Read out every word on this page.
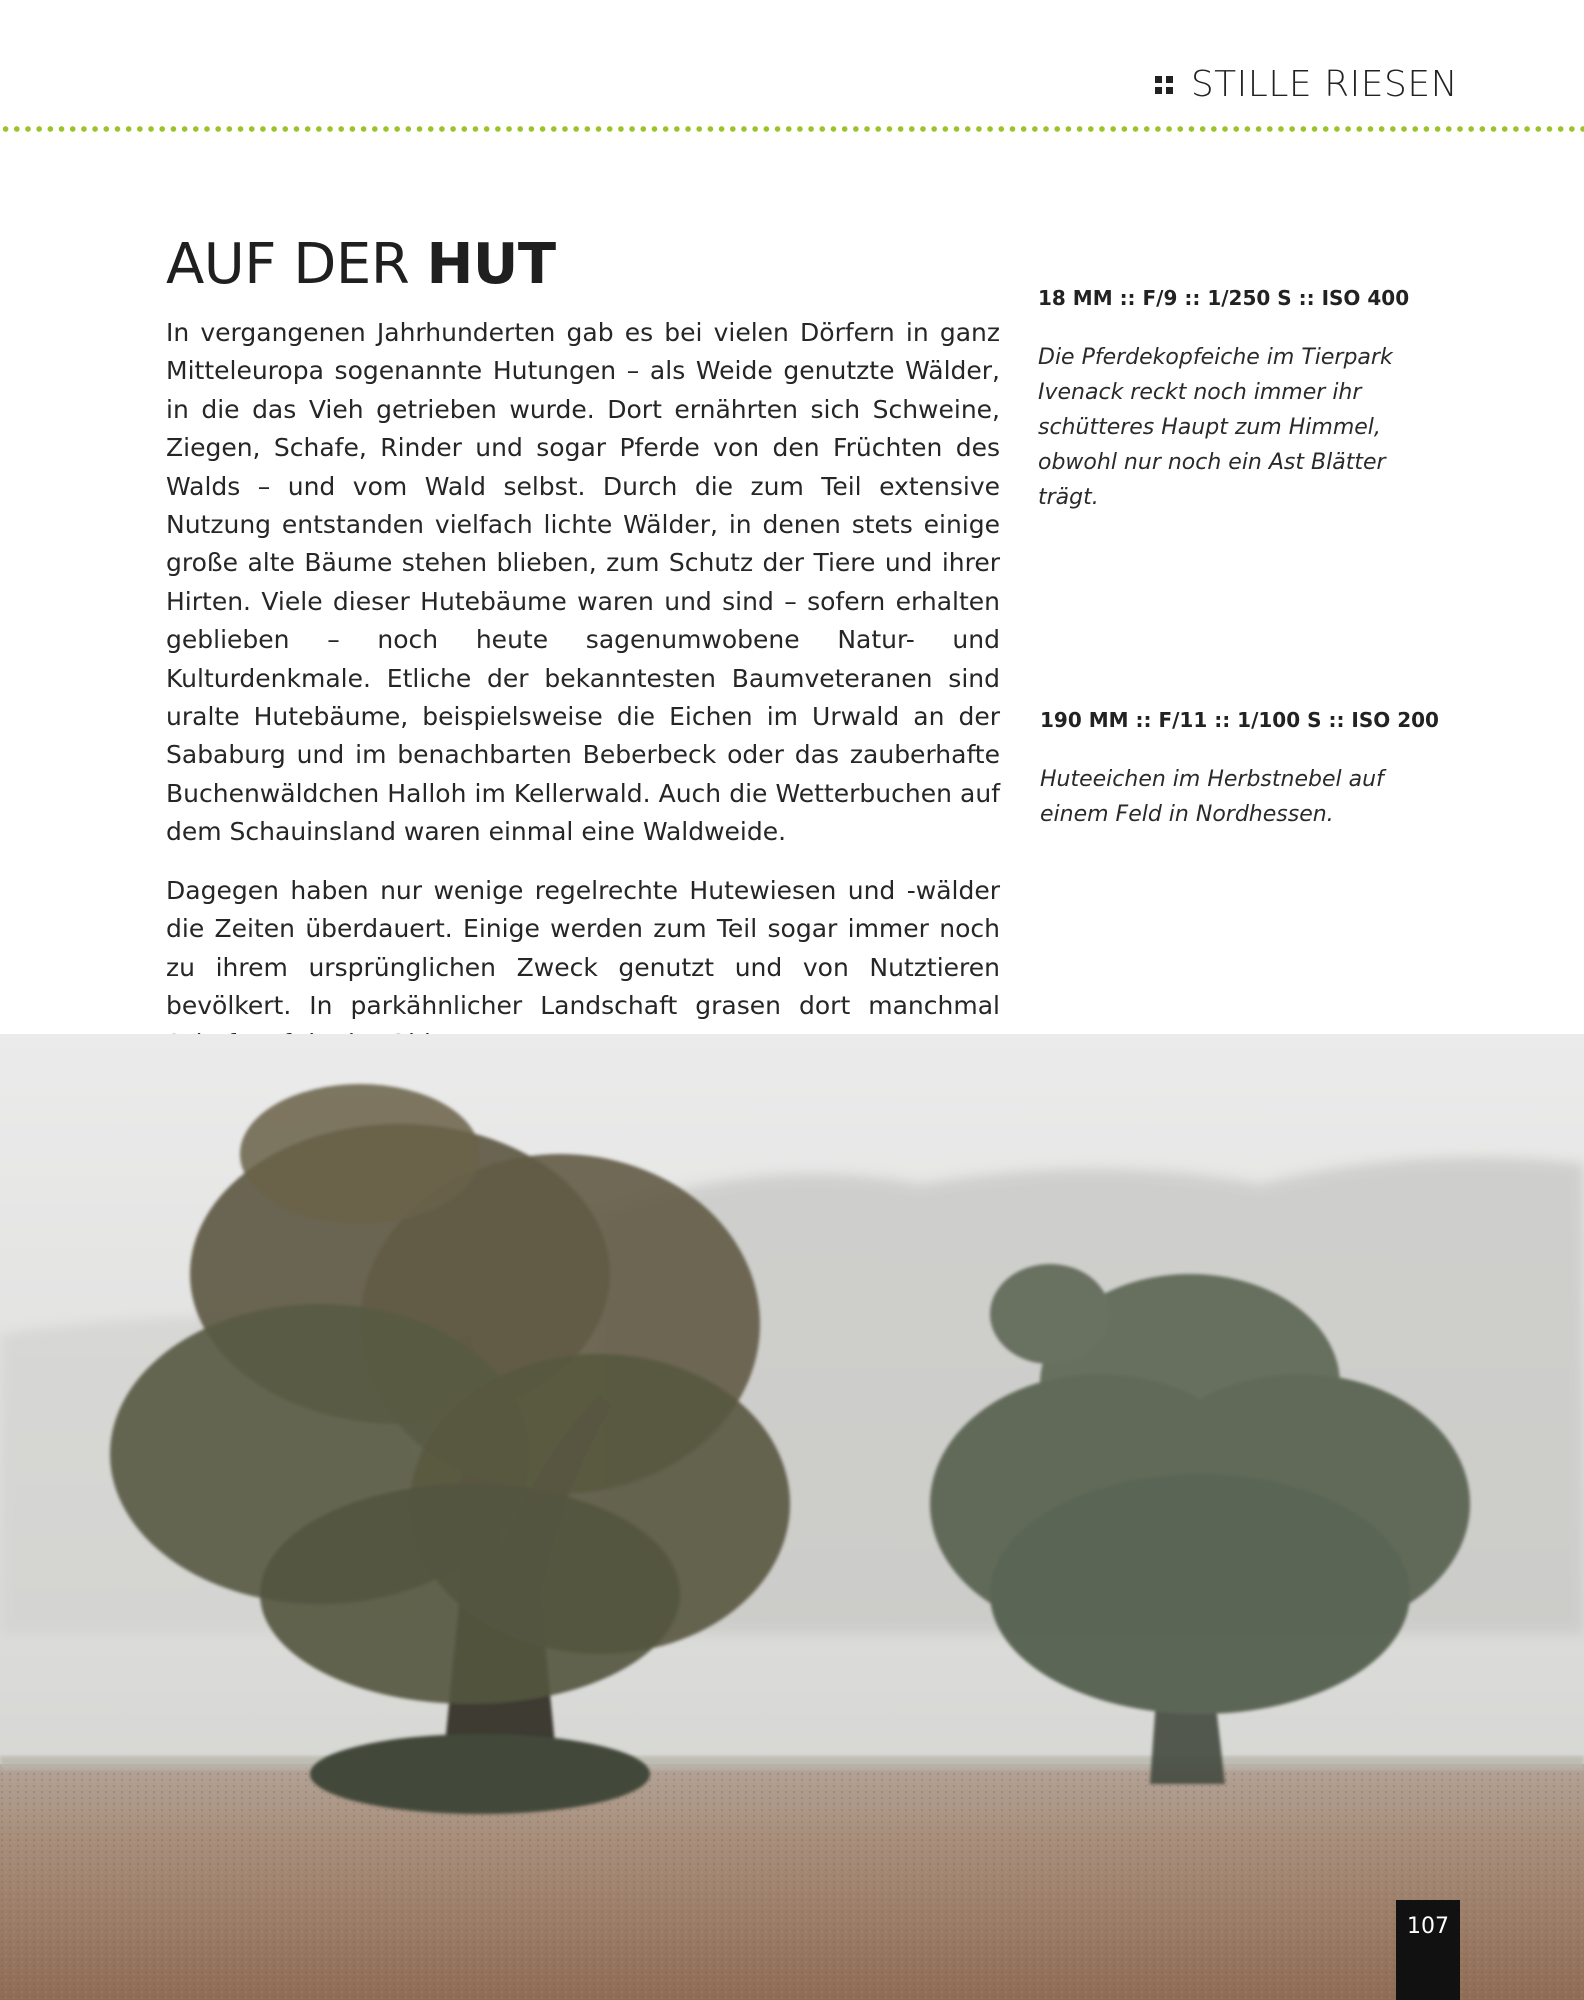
STILLE RIESEN
AUF DER HUT

In vergangenen Jahrhunderten gab es bei vielen Dörfern in ganz Mitteleuropa sogenannte Hutungen – als Weide genutzte Wälder, in die das Vieh getrieben wurde. Dort ernährten sich Schweine, Ziegen, Schafe, Rinder und sogar Pferde von den Früchten des Walds – und vom Wald selbst. Durch die zum Teil extensive Nutzung entstanden vielfach lichte Wälder, in denen stets einige große alte Bäume stehen blieben, zum Schutz der Tiere und ihrer Hirten. Viele dieser Hutebäume waren und sind – sofern erhalten geblieben – noch heute sagenumwobene Natur- und Kulturdenkmale. Etliche der bekanntesten Baumveteranen sind uralte Hutebäume, beispielsweise die Eichen im Urwald an der Sababurg und im benachbarten Beberbeck oder das zauberhafte Buchenwäldchen Halloh im Kellerwald. Auch die Wetterbuchen auf dem Schauinsland waren einmal eine Waldweide.

Dagegen haben nur wenige regelrechte Hutewiesen und -wälder die Zeiten überdauert. Einige werden zum Teil sogar immer noch zu ihrem ursprünglichen Zweck genutzt und von Nutztieren bevölkert. In parkähnlicher Landschaft grasen dort manchmal

18 MM :: F/9 :: 1/250 S :: ISO 400

Die Pferdekopfeiche im Tierpark Ivenack reckt noch immer ihr schütteres Haupt zum Himmel, obwohl nur noch ein Ast Blätter trägt.

190 MM :: F/11 :: 1/100 S :: ISO 200

Huteeichen im Herbstnebel auf einem Feld in Nordhessen.

107
